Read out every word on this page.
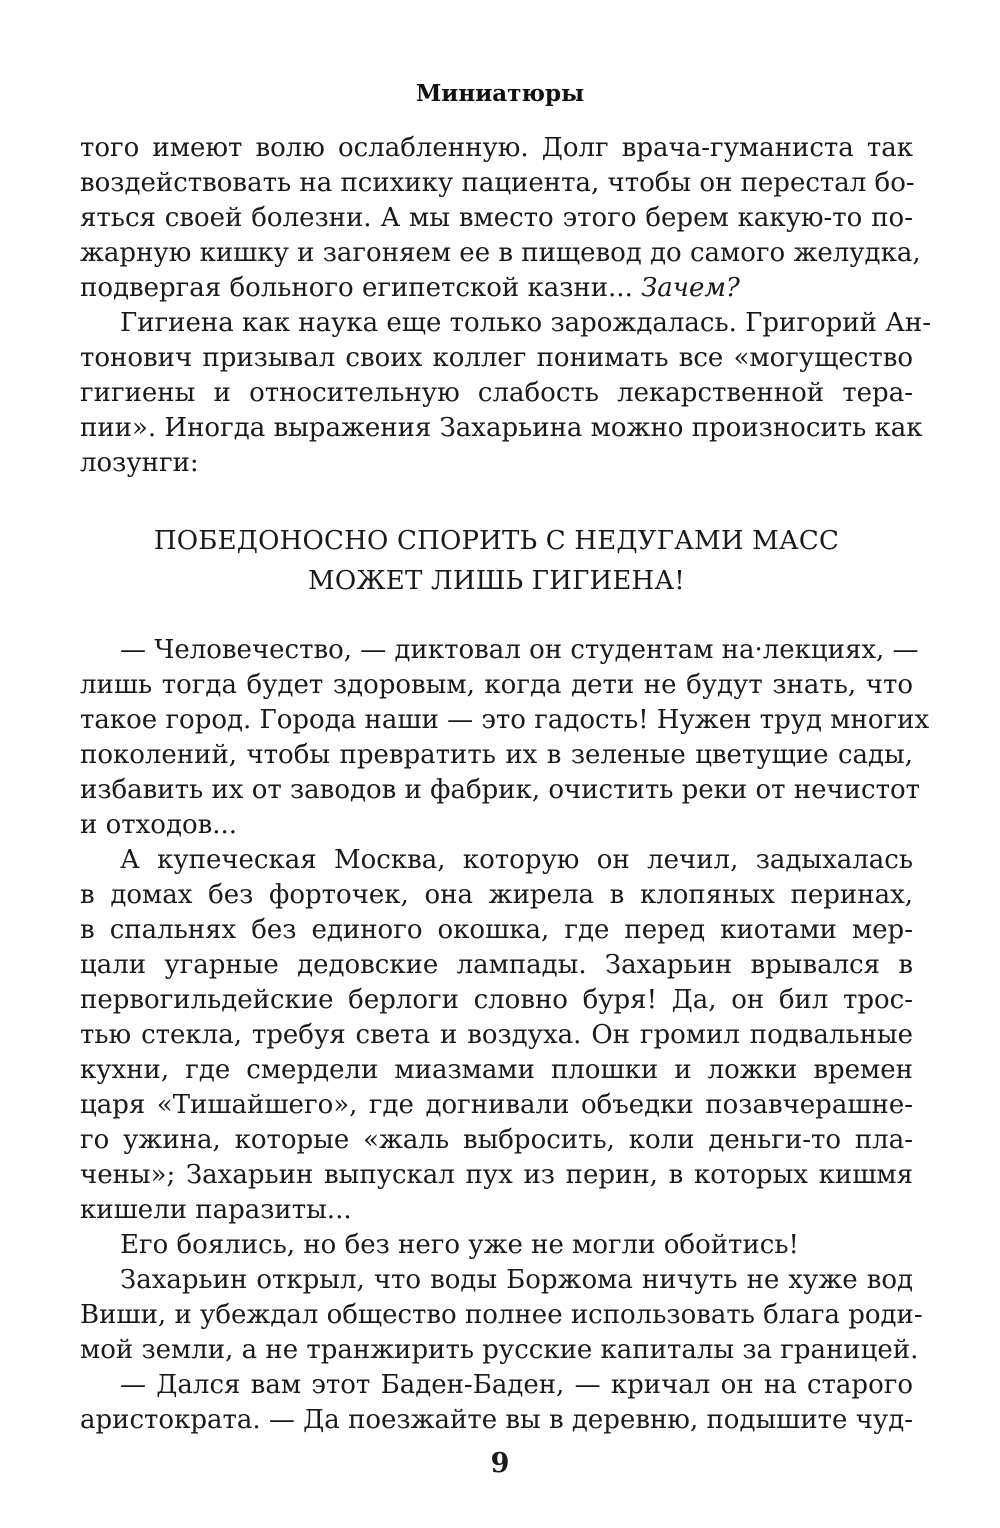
Миниатюры
того имеют волю ослабленную. Долг врача-гуманиста так
воздействовать на психику пациента, чтобы он перестал бо-
яться своей болезни. А мы вместо этого берем какую-то по-
жарную кишку и загоняем ее в пищевод до самого желудка,
подвергая больного египетской казни... Зачем?
Гигиена как наука еще только зарождалась. Григорий Ан-
тонович призывал своих коллег понимать все «могущество
гигиены и относительную слабость лекарственной тера-
пии». Иногда выражения Захарьина можно произносить как
лозунги:
ПОБЕДОНОСНО СПОРИТЬ С НЕДУГАМИ МАСС
МОЖЕТ ЛИШЬ ГИГИЕНА!
— Человечество, — диктовал он студентам на·лекциях, —
лишь тогда будет здоровым, когда дети не будут знать, что
такое город. Города наши — это гадость! Нужен труд многих
поколений, чтобы превратить их в зеленые цветущие сады,
избавить их от заводов и фабрик, очистить реки от нечистот
и отходов...
А купеческая Москва, которую он лечил, задыхалась
в домах без форточек, она жирела в клопяных перинах,
в спальнях без единого окошка, где перед киотами мер-
цали угарные дедовские лампады. Захарьин врывался в
первогильдейские берлоги словно буря! Да, он бил трос-
тью стекла, требуя света и воздуха. Он громил подвальные
кухни, где смердели миазмами плошки и ложки времен
царя «Тишайшего», где догнивали объедки позавчерашне-
го ужина, которые «жаль выбросить, коли деньги-то пла-
чены»; Захарьин выпускал пух из перин, в которых кишмя
кишели паразиты...
Его боялись, но без него уже не могли обойтись!
Захарьин открыл, что воды Боржома ничуть не хуже вод
Виши, и убеждал общество полнее использовать блага роди-
мой земли, а не транжирить русские капиталы за границей.
— Дался вам этот Баден-Баден, — кричал он на старого
аристократа. — Да поезжайте вы в деревню, подышите чуд-
9
